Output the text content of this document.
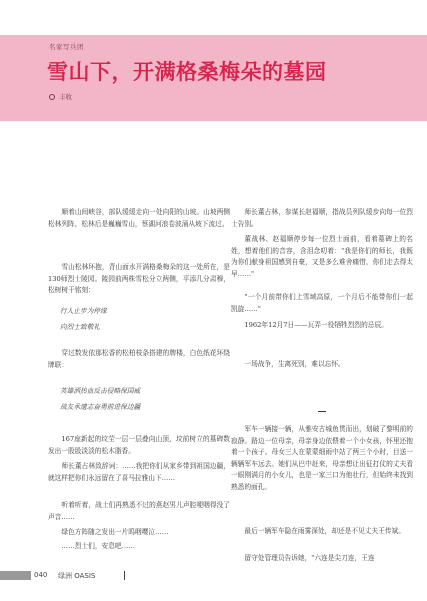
名家写兵团
雪山下，开满格桑梅朵的墓园
丰收

顺着山间峡谷，部队缓缓走向一处向阳的山坡。山坡两侧松林列阵，松林后是巍巍雪山，蔡湖河浪卷波涌从坡下流过。

雪山松林环抱，背山面水开满格桑梅朵的这一处所在，是130师烈士陵园。陵园前两株雪松分立两侧，平添几分肃穆，松树树干铭刻：

行人止步为停缘

向烈士致敬礼

穿过数发依那松香的松柏枝条搭建的牌楼，白色纸花环绕牌联：

英雄洒热血反击侵略保国威

战友承遗志奋勇前进保边疆

167座新起的坟茔一层一层叠向山顶，坟前树立的墓碑数发出一股股淡淡的松木脂香。

师长董占林致辞词：……我把你们从家乡带到祖国边疆，就这样把你们永远留在了喜马拉雅山下……

听着听着，战士们再熟悉不过的燕赵男儿声腔哽咽得没了声音……

绿色方阵随之发出一片呜咽嘤泣……

……烈士们，安息吧……

师长董占林，参谋长赵福顺，指战员列队缓步向每一位烈士告别。

董战林、赵福顺停步每一位烈士面前，看着墓碑上的名姓，想着他们的音容，含泪念叨着："我是你们的师长，我既为你们献身祖国感到自豪，又是多么难舍痛惜，你们走去得太早……"

"一个月前带你们上雪域高原，一个月后不能带你们一起凯旋……"

1962年12月7日——瓦弄一役牺牲烈烈的忌辰。

一场战争，生离死别，难以忘怀。

军车一辆接一辆，从雅安古城鱼贯而出，划破了黎明前的寂静。路边一位母亲，母亲身边依偎着一个小女孩，怀里还抱着一个孩子。母女三人在蒙蒙细雨中站了两三个小时，目送一辆辆军车远去。她们从巴中赶来，母亲想让出征打仗的丈夫看一眼刚满月的小女儿，也是一家三口为他壮行，但始终未找到熟悉的面孔。

最后一辆军车隐在雨雾深处，却还是不见丈夫王传斌。

留守处管理员告诉她，"六连是尖刀连，王连

040 绿洲 OASIS
